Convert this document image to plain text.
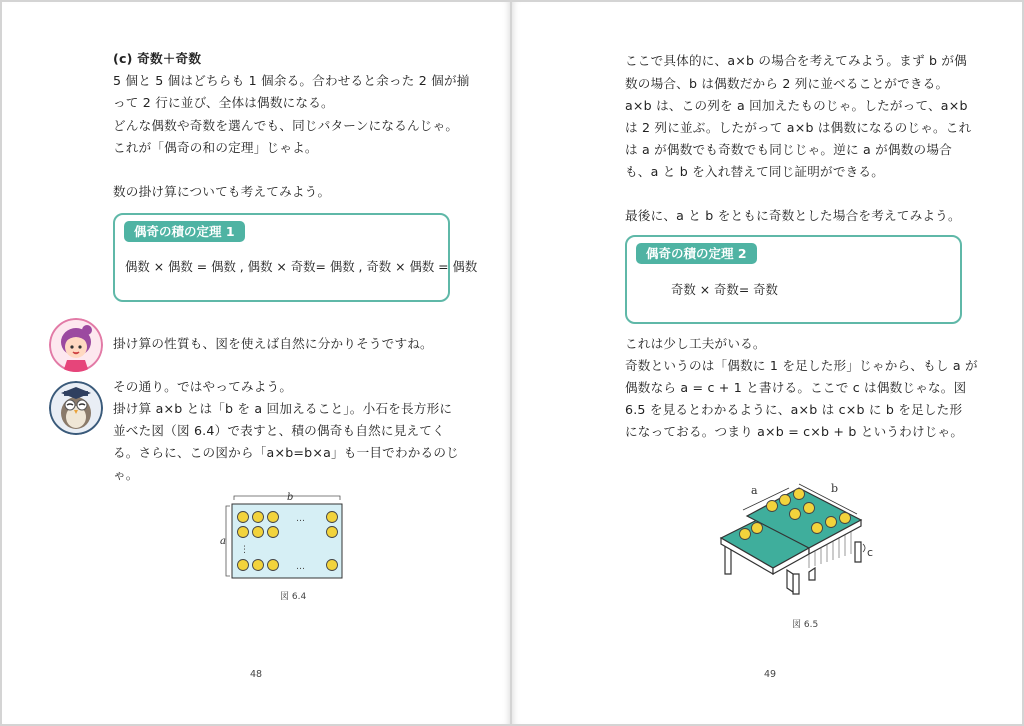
(c) 奇数＋奇数
5 個と 5 個はどちらも 1 個余る。合わせると余った 2 個が揃
って 2 行に並び、全体は偶数になる。
どんな偶数や奇数を選んでも、同じパターンになるんじゃ。
これが「偶奇の和の定理」じゃよ。
数の掛け算についても考えてみよう。
偶奇の積の定理 1
偶数 × 偶数 = 偶数 , 偶数 × 奇数= 偶数 , 奇数 × 偶数 = 偶数
掛け算の性質も、図を使えば自然に分かりそうですね。
その通り。ではやってみよう。
掛け算 a×b とは「b を a 回加えること」。小石を長方形に
並べた図（図 6.4）で表すと、積の偶奇も自然に見えてく
る。さらに、この図から「a×b=b×a」も一目でわかるのじ
ゃ。
b
a
…
…
⋮
図 6.4
48
ここで具体的に、a×b の場合を考えてみよう。まず b が偶
数の場合、b は偶数だから 2 列に並べることができる。
a×b は、この列を a 回加えたものじゃ。したがって、a×b
は 2 列に並ぶ。したがって a×b は偶数になるのじゃ。これ
は a が偶数でも奇数でも同じじゃ。逆に a が偶数の場合
も、a と b を入れ替えて同じ証明ができる。
最後に、a と b をともに奇数とした場合を考えてみよう。
偶奇の積の定理 2
奇数 × 奇数= 奇数
これは少し工夫がいる。
奇数というのは「偶数に 1 を足した形」じゃから、もし a が
偶数なら a = c + 1 と書ける。ここで c は偶数じゃな。図
6.5 を見るとわかるように、a×b は c×b に b を足した形
になっておる。つまり a×b = c×b + b というわけじゃ。
a	b
c
図 6.5
49
